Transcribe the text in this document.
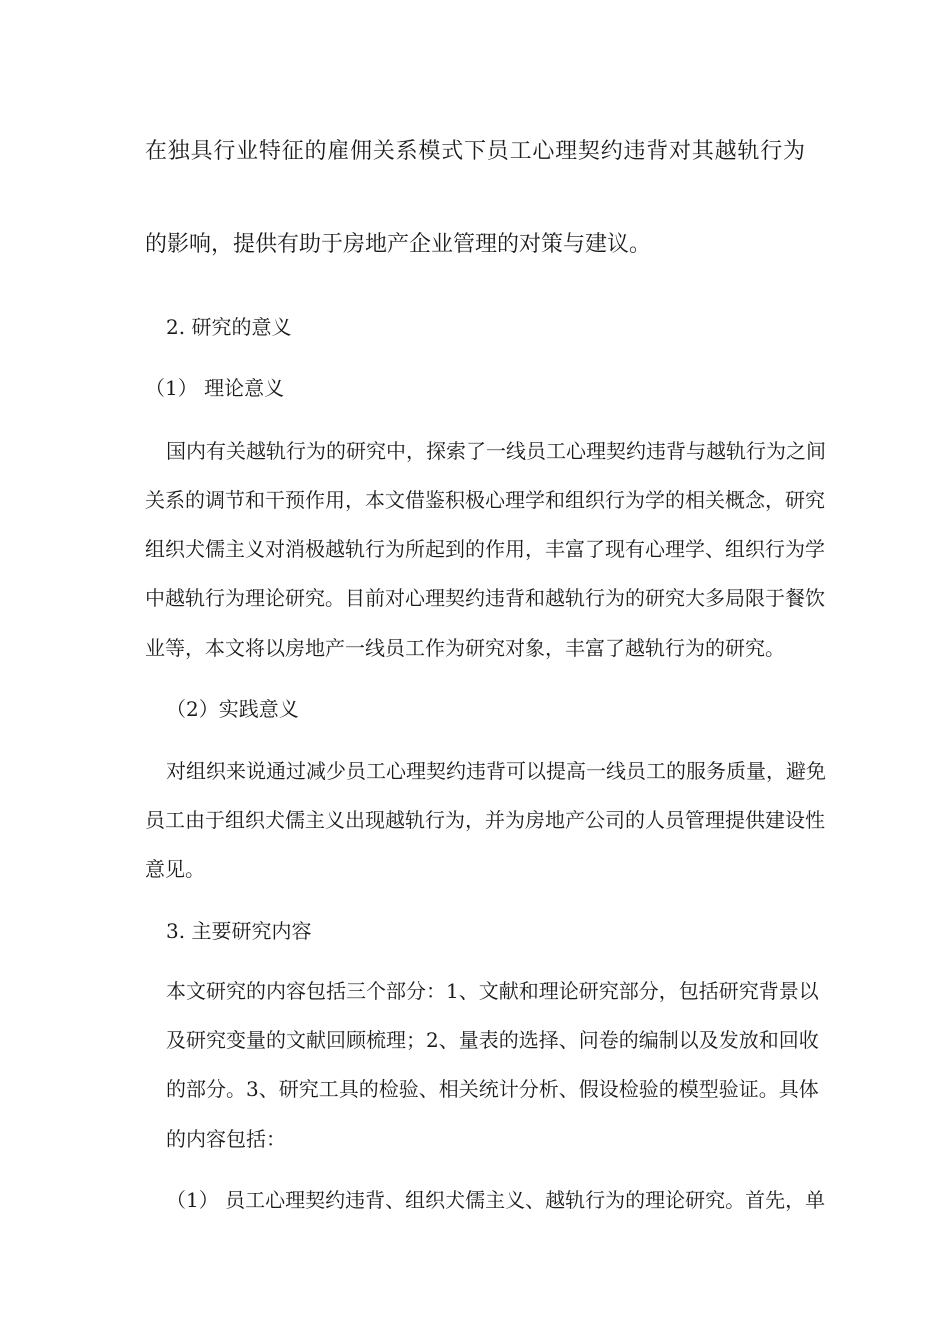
在独具行业特征的雇佣关系模式下员工心理契约违背对其越轨行为

的影响，提供有助于房地产企业管理的对策与建议。

2. 研究的意义

（1） 理论意义

国内有关越轨行为的研究中，探索了一线员工心理契约违背与越轨行为之间

关系的调节和干预作用，本文借鉴积极心理学和组织行为学的相关概念，研究

组织犬儒主义对消极越轨行为所起到的作用，丰富了现有心理学、组织行为学

中越轨行为理论研究。目前对心理契约违背和越轨行为的研究大多局限于餐饮

业等，本文将以房地产一线员工作为研究对象，丰富了越轨行为的研究。

（2）实践意义

对组织来说通过减少员工心理契约违背可以提高一线员工的服务质量，避免

员工由于组织犬儒主义出现越轨行为，并为房地产公司的人员管理提供建设性

意见。

3. 主要研究内容

本文研究的内容包括三个部分：1、文献和理论研究部分，包括研究背景以

及研究变量的文献回顾梳理；2、量表的选择、问卷的编制以及发放和回收

的部分。3、研究工具的检验、相关统计分析、假设检验的模型验证。具体

的内容包括：

（1） 员工心理契约违背、组织犬儒主义、越轨行为的理论研究。首先，单
